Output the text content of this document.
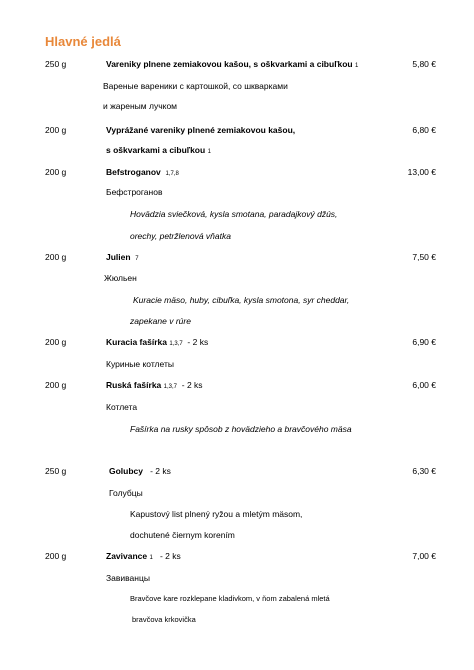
Hlavné jedlá
250 g	Vareniky plnene zemiakovou kašou, s oškvarkami a cibuľkou 1	5,80 €
Вареные вареники с картошкой, со шкварками
и жареным лучком
200 g	Vyprážané vareniky plnené zemiakovou kašou,	6,80 €
s oškvarkami a cibuľkou 1
200 g	Befstroganov 1,7,8	13,00 €
Бефстроганов
Hovädzia sviečková, kysla smotana, paradajkový džús,
orechy, petržlenová vňatka
200 g	Julien 7	7,50 €
Жюльен
Kuracie mäso, huby, cibuľka, kysla smotona, syr cheddar,
zapekane v rúre
200 g	Kuracia fašírka 1,3,7 - 2 ks	6,90 €
Куриные котлеты
200 g	Ruská fašírka 1,3,7 - 2 ks	6,00 €
Котлета
Fašírka na rusky spôsob z hovädzieho a bravčového mäsa
250 g	Golubcy - 2 ks	6,30 €
Голубцы
Kapustový list plnený ryžou a mletým mäsom,
dochutené čiernym korením
200 g	Zavivance 1 - 2 ks	7,00 €
Завиванцы
Bravčove kare rozklepane kladivkom, v ňom zabalená mletá
bravčova krkovička
